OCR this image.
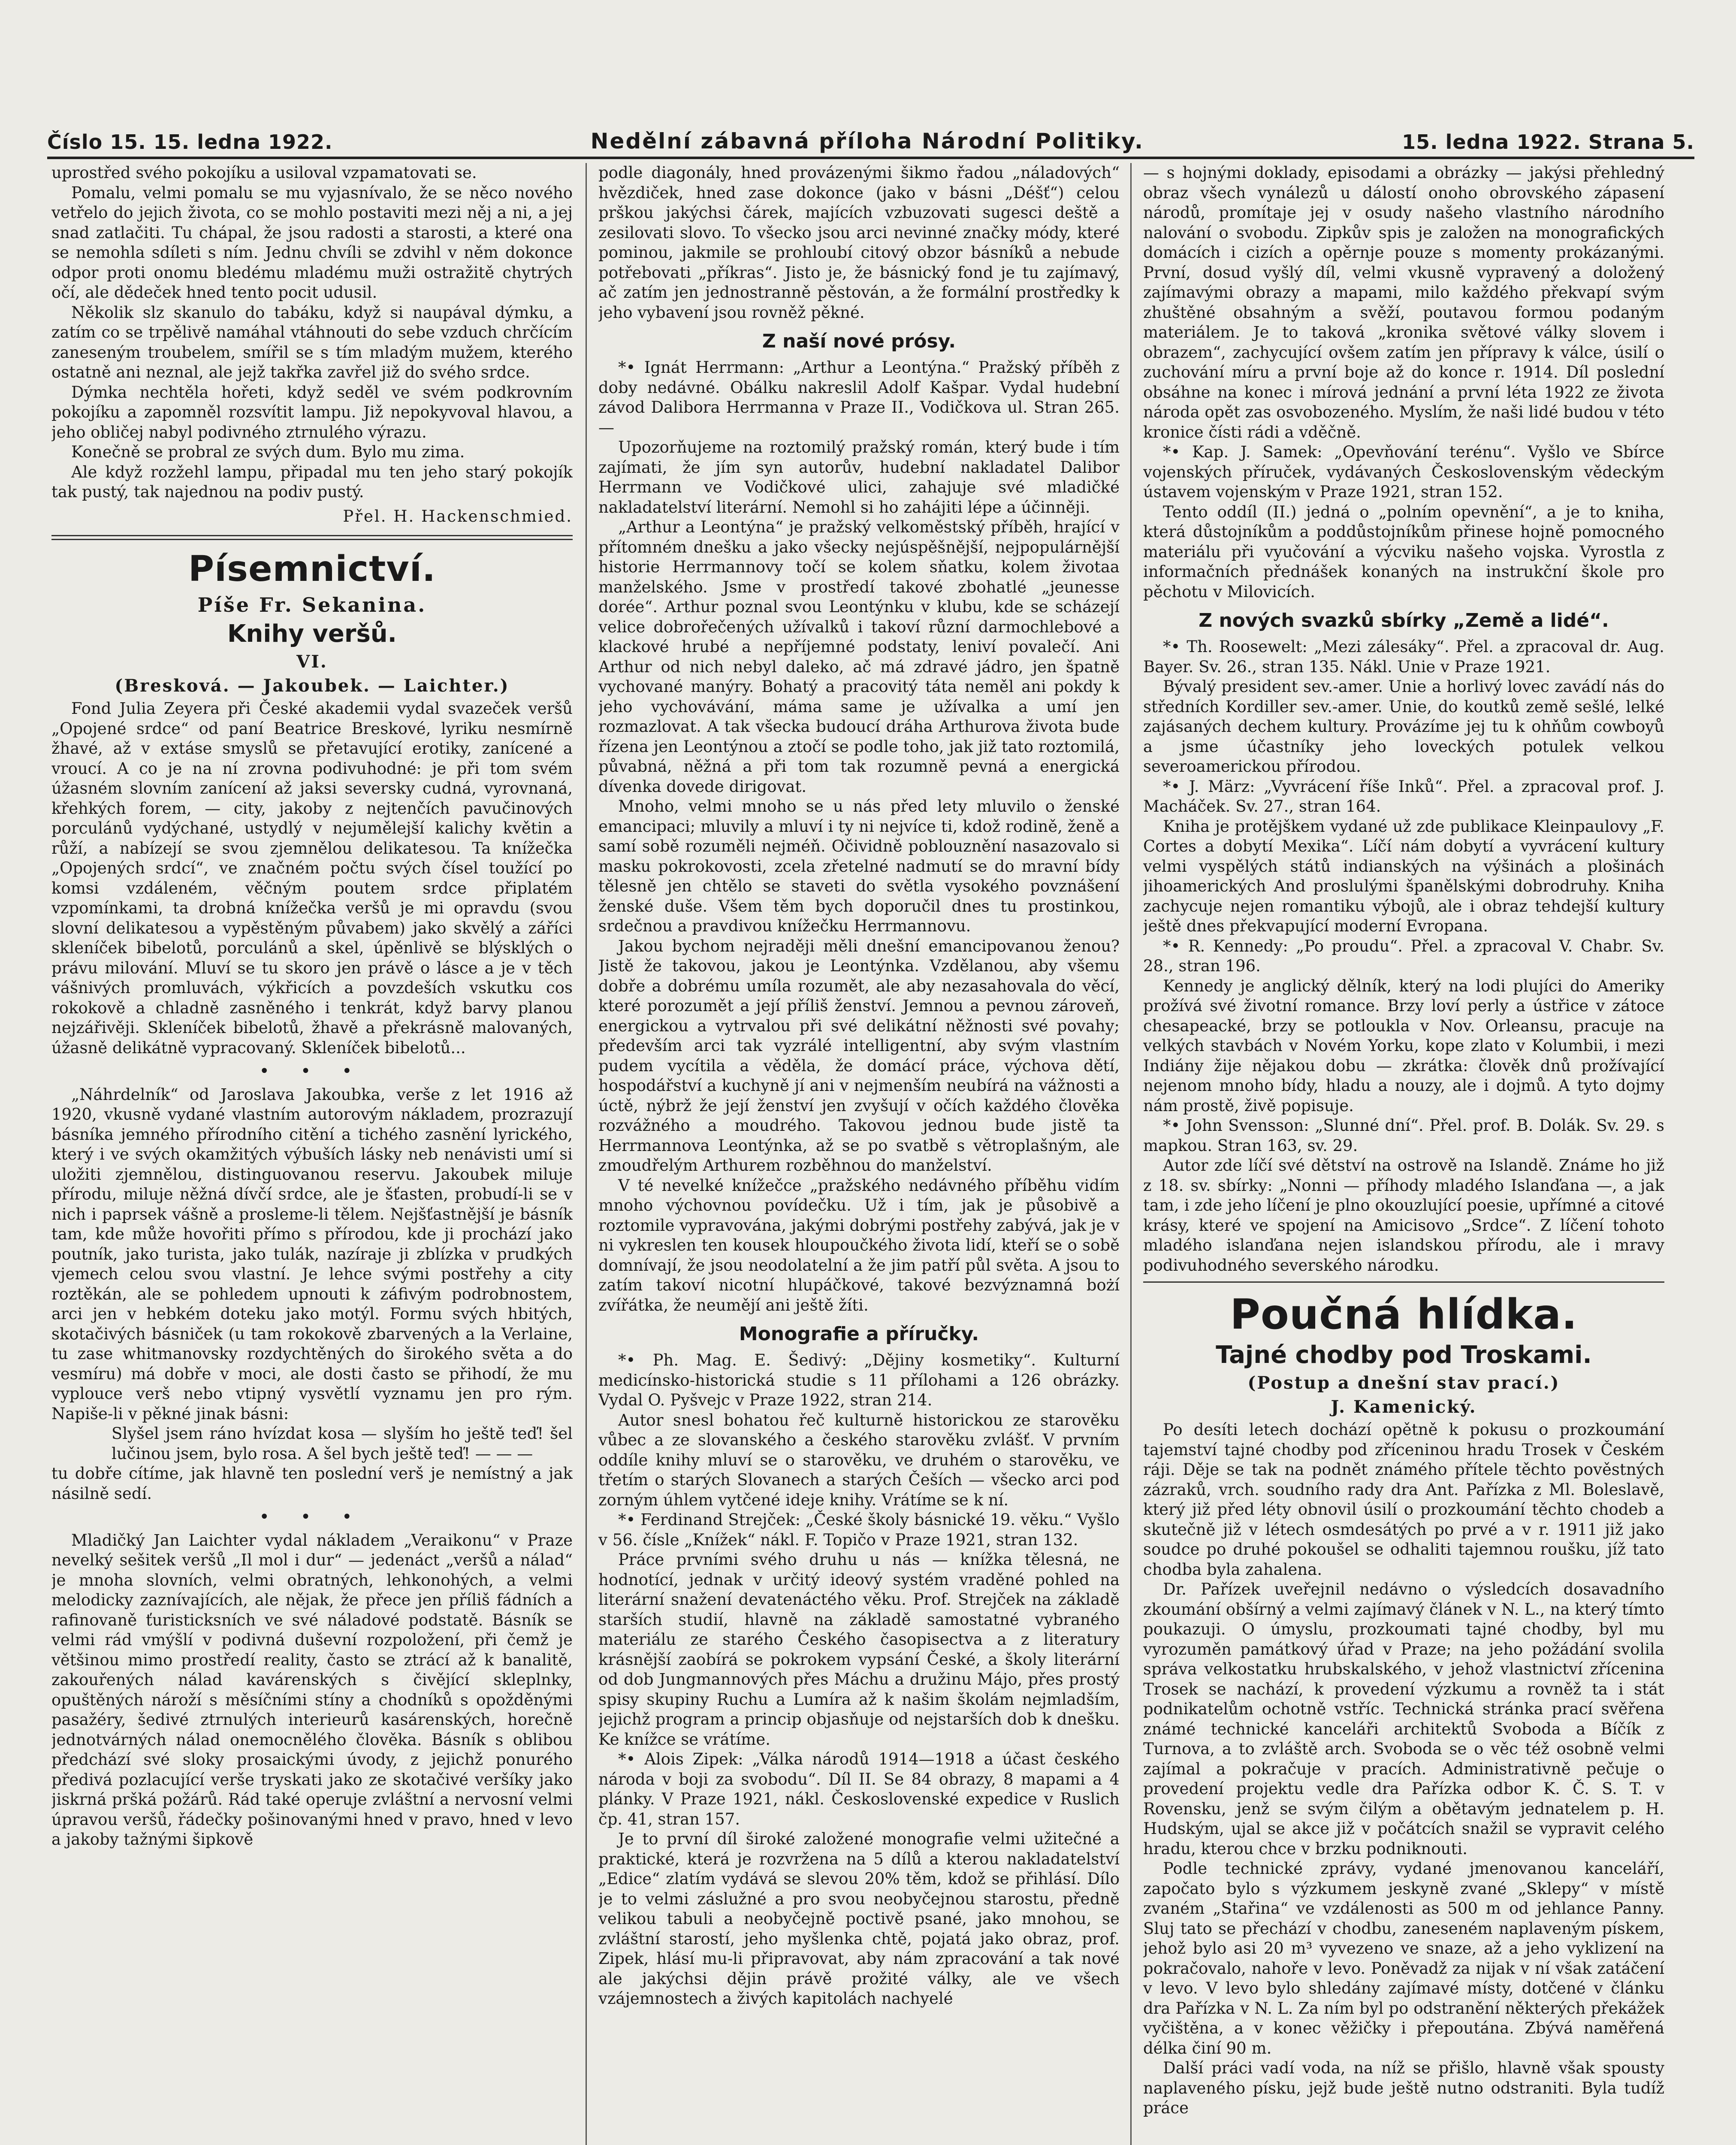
Číslo 15. 15. ledna 1922.	Nedělní zábavná příloha Národní Politiky.	15. ledna 1922. Strana 5.

uprostřed svého pokojíku a usiloval vzpamatovati se.

Pomalu, velmi pomalu se mu vyjasnívalo, že se něco nového vetřelo do jejich života, co se mohlo postaviti mezi něj a ni, a jej snad zatlačiti. Tu chápal, že jsou radosti a starosti, a které ona se nemohla sdíleti s ním. Jednu chvíli se zdvihl v něm dokonce odpor proti onomu bledému mladému muži ostražitě chytrých očí, ale dědeček hned tento pocit udusil.

Několik slz skanulo do tabáku, když si naupával dýmku, a zatím co se trpělivě namáhal vtáhnouti do sebe vzduch chrčícím zaneseným troubelem, smířil se s tím mladým mužem, kterého ostatně ani neznal, ale jejž takřka zavřel již do svého srdce.

Dýmka nechtěla hořeti, když seděl ve svém podkrovním pokojíku a zapomněl rozsvítit lampu. Již nepokyvoval hlavou, a jeho obličej nabyl podivného ztrnulého výrazu.

Konečně se probral ze svých dum. Bylo mu zima.

Ale když rozžehl lampu, připadal mu ten jeho starý pokojík tak pustý, tak najednou na podiv pustý.

Přel. H. Hackenschmied.
Písemnictví.
Píše Fr. Sekanina.
Knihy veršů.
VI.
(Bresková. — Jakoubek. — Laichter.)

Fond Julia Zeyera při České akademii vydal svazeček veršů „Opojené srdce“ od paní Beatrice Breskové, lyriku nesmírně žhavé, až v extáse smyslů se přetavující erotiky, zanícené a vroucí. A co je na ní zrovna podivuhodné: je při tom svém úžasném slovním zanícení až jaksi seversky cudná, vyrovnaná, křehkých forem, — city, jakoby z nejtenčích pavučinových porculánů vydýchané, ustydlý v nejumělejší kalichy květin a růží, a nabízejí se svou zjemnělou delikatesou. Ta knížečka „Opojených srdcí“, ve značném počtu svých čísel toužící po komsi vzdáleném, věčným poutem srdce připlatém vzpomínkami, ta drobná knížečka veršů je mi opravdu (svou slovní delikatesou a vypěstěným půvabem) jako skvělý a záříci skleníček bibelotů, porculánů a skel, úpěnlivě se blýsklých o právu milování. Mluví se tu skoro jen právě o lásce a je v těch vášnivých promluvách, výkřicích a povzdeších vskutku cos rokokově a chladně zasněného i tenkrát, když barvy planou nejzářivěji. Skleníček bibelotů, žhavě a překrásně malovaných, úžasně delikátně vypracovaný. Skleníček bibelotů...

• • •

„Náhrdelník“ od Jaroslava Jakoubka, verše z let 1916 až 1920, vkusně vydané vlastním autorovým nákladem, prozrazují básníka jemného přírodního citění a tichého zasnění lyrického, který i ve svých okamžitých výbuších lásky neb nenávisti umí si uložiti zjemnělou, distinguovanou reservu. Jakoubek miluje přírodu, miluje něžná dívčí srdce, ale je šťasten, probudí-li se v nich i paprsek vášně a prosleme-li tělem. Nejšťastnější je básník tam, kde může hovořiti přímo s přírodou, kde ji prochází jako poutník, jako turista, jako tulák, nazíraje ji zblízka v prudkých vjemech celou svou vlastní. Je lehce svými postřehy a city roztěkán, ale se pohledem upnouti k záfivým podrobnostem, arci jen v hebkém doteku jako motýl. Formu svých hbitých, skotačivých básniček (u tam rokokově zbarvených a la Verlaine, tu zase whitmanovsky rozdychtěných do širokého světa a do vesmíru) má dobře v moci, ale dosti často se přihodí, že mu vyplouce verš nebo vtipný vysvětlí vyznamu jen pro rým. Napiše-li v pěkné jinak básni:

Slyšel jsem ráno hvízdat kosa — slyším ho ještě teď! šel lučinou jsem, bylo rosa. A šel bych ještě teď! — — —

tu dobře cítíme, jak hlavně ten poslední verš je nemístný a jak násilně sedí.

• • •

Mladičký Jan Laichter vydal nákladem „Veraikonu“ v Praze nevelký sešitek veršů „Il mol i dur“ — jedenáct „veršů a nálad“ je mnoha slovních, velmi obratných, lehkonohých, a velmi melodicky zaznívajících, ale nějak, že přece jen příliš fádních a rafinovaně ťuristicksních ve své náladové podstatě. Básník se velmi rád vmýšlí v podivná duševní rozpoložení, při čemž je většinou mimo prostředí reality, často se ztrácí až k banalitě, zakouřených nálad kavárenských s čivějící skleplnky, opuštěných nároží s měsíčními stíny a chodníků s opožděnými pasažéry, šedivé ztrnulých interieurů kasárenských, horečně jednotvárných nálad onemocnělého člověka. Básník s oblibou předchází své sloky prosaickými úvody, z jejichž ponurého předivá pozlacující verše tryskati jako ze skotačivé veršíky jako jiskrná pršká požárů. Rád také operuje zvláštní a nervosní velmi úpravou veršů, řádečky pošinovanými hned v pravo, hned v levo a jakoby tažnými šipkově

podle diagonály, hned provázenými šikmo řadou „náladových“ hvězdiček, hned zase dokonce (jako v básni „Déšť“) celou prškou jakýchsi čárek, majících vzbuzovati sugesci deště a zesilovati slovo. To všecko jsou arci nevinné značky módy, které pominou, jakmile se prohloubí citový obzor básníků a nebude potřebovati „příkras“. Jisto je, že básnický fond je tu zajímavý, ač zatím jen jednostranně pěstován, a že formální prostředky k jeho vybavení jsou rovněž pěkné.

Z naší nové prósy.

*• Ignát Herrmann: „Arthur a Leontýna.“ Pražský příběh z doby nedávné. Obálku nakreslil Adolf Kašpar. Vydal hudební závod Dalibora Herrmanna v Praze II., Vodičkova ul. Stran 265. —

Upozorňujeme na roztomilý pražský román, který bude i tím zajímati, že jím syn autorův, hudební nakladatel Dalibor Herrmann ve Vodičkové ulici, zahajuje své mladičké nakladatelství literární. Nemohl si ho zahájiti lépe a účinněji.

„Arthur a Leontýna“ je pražský velkoměstský příběh, hrající v přítomném dnešku a jako všecky nejúspěšnější, nejpopulárnější historie Herrmannovy točí se kolem sňatku, kolem životaa manželského. Jsme v prostředí takové zbohatlé „jeunesse dorée“. Arthur poznal svou Leontýnku v klubu, kde se scházejí velice dobrořečených užívalků i takoví různí darmochlebové a klackové hrubé a nepříjemné podstaty, leniví povalečí. Ani Arthur od nich nebyl daleko, ač má zdravé jádro, jen špatně vychované manýry. Bohatý a pracovitý táta neměl ani pokdy k jeho vychovávání, máma same je užívalka a umí jen rozmazlovat. A tak všecka budoucí dráha Arthurova života bude řízena jen Leontýnou a ztočí se podle toho, jak již tato roztomilá, půvabná, něžná a při tom tak rozumně pevná a energická dívenka dovede dirigovat.

Mnoho, velmi mnoho se u nás před lety mluvilo o ženské emancipaci; mluvily a mluví i ty ni nejvíce ti, kdož rodině, ženě a samí sobě rozuměli nejméň. Očividně poblouznění nasazovalo si masku pokrokovosti, zcela zřetelné nadmutí se do mravní bídy tělesně jen chtělo se staveti do světla vysokého povznášení ženské duše. Všem těm bych doporučil dnes tu prostinkou, srdečnou a pravdivou knížečku Herrmannovu.

Jakou bychom nejraději měli dnešní emancipovanou ženou? Jistě že takovou, jakou je Leontýnka. Vzdělanou, aby všemu dobře a dobrému umíla rozumět, ale aby nezasahovala do věcí, které porozumět a její příliš ženství. Jemnou a pevnou zároveň, energickou a vytrvalou při své delikátní něžnosti své povahy; především arci tak vyzrálé intelligentní, aby svým vlastním pudem vycítila a věděla, že domácí práce, výchova dětí, hospodářství a kuchyně jí ani v nejmenším neubírá na vážnosti a úctě, nýbrž že její ženství jen zvyšují v očích každého člověka rozvážného a moudrého. Takovou jednou bude jistě ta Herrmannova Leontýnka, až se po svatbě s větroplašným, ale zmoudřelým Arthurem rozběhnou do manželství.

V té nevelké knížečce „pražského nedávného příběhu vidím mnoho výchovnou povídečku. Už i tím, jak je působivě a roztomile vypravována, jakými dobrými postřehy zabývá, jak je v ni vykreslen ten kousek hloupoučkého života lidí, kteří se o sobě domnívají, že jsou neodolatelní a že jim patří půl světa. A jsou to zatím takoví nicotní hlupáčkové, takové bezvýznamná bożí zvířátka, že neumějí ani ještě žíti.

Monografie a příručky.

*• Ph. Mag. E. Šedivý: „Dějiny kosmetiky“. Kulturní medicínsko-historická studie s 11 přílohami a 126 obrázky. Vydal O. Pyšvejc v Praze 1922, stran 214.

Autor snesl bohatou řeč kulturně historickou ze starověku vůbec a ze slovanského a českého starověku zvlášť. V prvním oddíle knihy mluví se o starověku, ve druhém o starověku, ve třetím o starých Slovanech a starých Češích — všecko arci pod zorným úhlem vytčené ideje knihy. Vrátíme se k ní.

*• Ferdinand Strejček: „České školy básnické 19. věku.“ Vyšlo v 56. čísle „Knížek“ nákl. F. Topičo v Praze 1921, stran 132.

Práce prvními svého druhu u nás — knížka tělesná, ne hodnotící, jednak v určitý ideový systém vraděné pohled na literární snažení devatenáctého věku. Prof. Strejček na základě starších studií, hlavně na základě samostatné vybraného materiálu ze starého Českého časopisectva a z literatury krásnější zaobírá se pokrokem vypsání České, a školy literární od dob Jungmannových přes Máchu a družinu Májo, přes prostý spisy skupiny Ruchu a Lumíra až k našim školám nejmladším, jejichž program a princip objasňuje od nejstarších dob k dnešku. Ke knížce se vrátíme.

*• Alois Zipek: „Válka národů 1914—1918 a účast českého národa v boji za svobodu“. Díl II. Se 84 obrazy, 8 mapami a 4 plánky. V Praze 1921, nákl. Československé expedice v Ruslich čp. 41, stran 157.

Je to první díl široké založené monografie velmi užitečné a praktické, která je rozvržena na 5 dílů a kterou nakladatelství „Edice“ zlatím vydává se slevou 20% těm, kdož se přihlásí. Dílo je to velmi záslužné a pro svou neobyčejnou starostu, předně velikou tabuli a neobyčejně poctivě psané, jako mnohou, se zvláštní starostí, jeho myšlenka chtě, pojatá jako obraz, prof. Zipek, hlásí mu-li připravovat, aby nám zpracování a tak nové ale jakýchsi dějin právě prožité války, ale ve všech vzájemnostech a živých kapitolách nachyelé

— s hojnými doklady, episodami a obrázky — jakýsi přehledný obraz všech vynálezů u dálostí onoho obrovského zápasení národů, promítaje jej v osudy našeho vlastního národního nalování o svobodu. Zipkův spis je založen na monografických domácích i cizích a opěrnje pouze s momenty prokázanými. První, dosud vyšlý díl, velmi vkusně vypravený a doložený zajímavými obrazy a mapami, milo každého překvapí svým zhuštěné obsahným a svěží, poutavou formou podaným materiálem. Je to taková „kronika světové války slovem i obrazem“, zachycující ovšem zatím jen přípravy k válce, úsilí o zuchování míru a první boje až do konce r. 1914. Díl poslední obsáhne na konec i mírová jednání a první léta 1922 ze života národa opět zas osvobozeného. Myslím, že naši lidé budou v této kronice čísti rádi a vděčně.

*• Kap. J. Samek: „Opevňování terénu“. Vyšlo ve Sbírce vojenských příruček, vydávaných Československým vědeckým ústavem vojenským v Praze 1921, stran 152.

Tento oddíl (II.) jedná o „polním opevnění“, a je to kniha, která důstojníkům a poddůstojníkům přinese hojně pomocného materiálu při vyučování a výcviku našeho vojska. Vyrostla z informačních přednášek konaných na instrukční škole pro pěchotu v Milovicích.

Z nových svazků sbírky „Země a lidé“.

*• Th. Roosewelt: „Mezi zálesáky“. Přel. a zpracoval dr. Aug. Bayer. Sv. 26., stran 135. Nákl. Unie v Praze 1921.

Bývalý president sev.-amer. Unie a horlivý lovec zavádí nás do středních Kordiller sev.-amer. Unie, do koutků země sešlé, lelké zajásaných dechem kultury. Provázíme jej tu k ohňům cowboyů a jsme účastníky jeho loveckých potulek velkou severoamerickou přírodou.

*• J. März: „Vyvrácení říše Inků“. Přel. a zpracoval prof. J. Macháček. Sv. 27., stran 164.

Kniha je protějškem vydané už zde publikace Kleinpaulovy „F. Cortes a dobytí Mexika“. Líčí nám dobytí a vyvrácení kultury velmi vyspělých států indianských na výšinách a plošinách jihoamerických And proslulými španělskými dobrodruhy. Kniha zachycuje nejen romantiku výbojů, ale i obraz tehdejší kultury ještě dnes překvapující moderní Evropana.

*• R. Kennedy: „Po proudu“. Přel. a zpracoval V. Chabr. Sv. 28., stran 196.

Kennedy je anglický dělník, který na lodi plujíci do Ameriky prožívá své životní romance. Brzy loví perly a ústřice v zátoce chesapeacké, brzy se potloukla v Nov. Orleansu, pracuje na velkých stavbách v Novém Yorku, kope zlato v Kolumbii, i mezi Indiány žije nějakou dobu — zkrátka: člověk dnů prožívající nejenom mnoho bídy, hladu a nouzy, ale i dojmů. A tyto dojmy nám prostě, živě popisuje.

*• John Svensson: „Slunné dní“. Přel. prof. B. Dolák. Sv. 29. s mapkou. Stran 163, sv. 29.

Autor zde líčí své dětství na ostrově na Islandě. Známe ho již z 18. sv. sbírky: „Nonni — příhody mladého Islanďana —, a jak tam, i zde jeho líčení je plno okouzlující poesie, upřímné a citové krásy, které ve spojení na Amicisovo „Srdce“. Z líčení tohoto mladého islanďana nejen islandskou přírodu, ale i mravy podivuhodného severského národku.

Poučná hlídka.
Tajné chodby pod Troskami.
(Postup a dnešní stav prací.)
J. Kamenický.

Po desíti letech dochází opětně k pokusu o prozkoumání tajemství tajné chodby pod zříceninou hradu Trosek v Českém ráji. Děje se tak na podnět známého přítele těchto pověstných zázraků, vrch. soudního rady dra Ant. Pařízka z Ml. Boleslavě, který již před léty obnovil úsilí o prozkoumání těchto chodeb a skutečně již v létech osmdesátých po prvé a v r. 1911 již jako soudce po druhé pokoušel se odhaliti tajemnou roušku, jíž tato chodba byla zahalena.

Dr. Pařízek uveřejnil nedávno o výsledcích dosavadního zkoumání obšírný a velmi zajímavý článek v N. L., na který tímto poukazuji. O úmyslu, prozkoumati tajné chodby, byl mu vyrozuměn památkový úřad v Praze; na jeho požádání svolila správa velkostatku hrubskalského, v jehož vlastnictví zřícenina Trosek se nachází, k provedení výzkumu a rovněž ta i stát podnikatelům ochotně vstříc. Technická stránka prací svěřena známé technické kanceláři architektů Svoboda a Bíčík z Turnova, a to zvláště arch. Svoboda se o věc též osobně velmi zajímal a pokračuje v pracích. Administrativně pečuje o provedení projektu vedle dra Pařízka odbor K. Č. S. T. v Rovensku, jenž se svým čilým a obětavým jednatelem p. H. Hudským, ujal se akce již v počátcích snažil se vypravit celého hradu, kterou chce v brzku podniknouti.

Podle technické zprávy, vydané jmenovanou kanceláří, započato bylo s výzkumem jeskyně zvané „Sklepy“ v místě zvaném „Stařina“ ve vzdálenosti as 500 m od jehlance Panny. Sluj tato se přechází v chodbu, zaneseném naplaveným pískem, jehož bylo asi 20 m³ vyvezeno ve snaze, až a jeho vyklizení na pokračovalo, nahoře v levo. Poněvadž za nijak v ní však zatáčení v levo. V levo bylo shledány zajímavé místy, dotčené v článku dra Pařízka v N. L. Za ním byl po odstranění některých překážek vyčištěna, a v konec věžičky i přepoutána. Zbývá naměřená délka činí 90 m.

Další práci vadí voda, na níž se přišlo, hlavně však spousty naplaveného písku, jejž bude ještě nutno odstraniti. Byla tudíž práce
